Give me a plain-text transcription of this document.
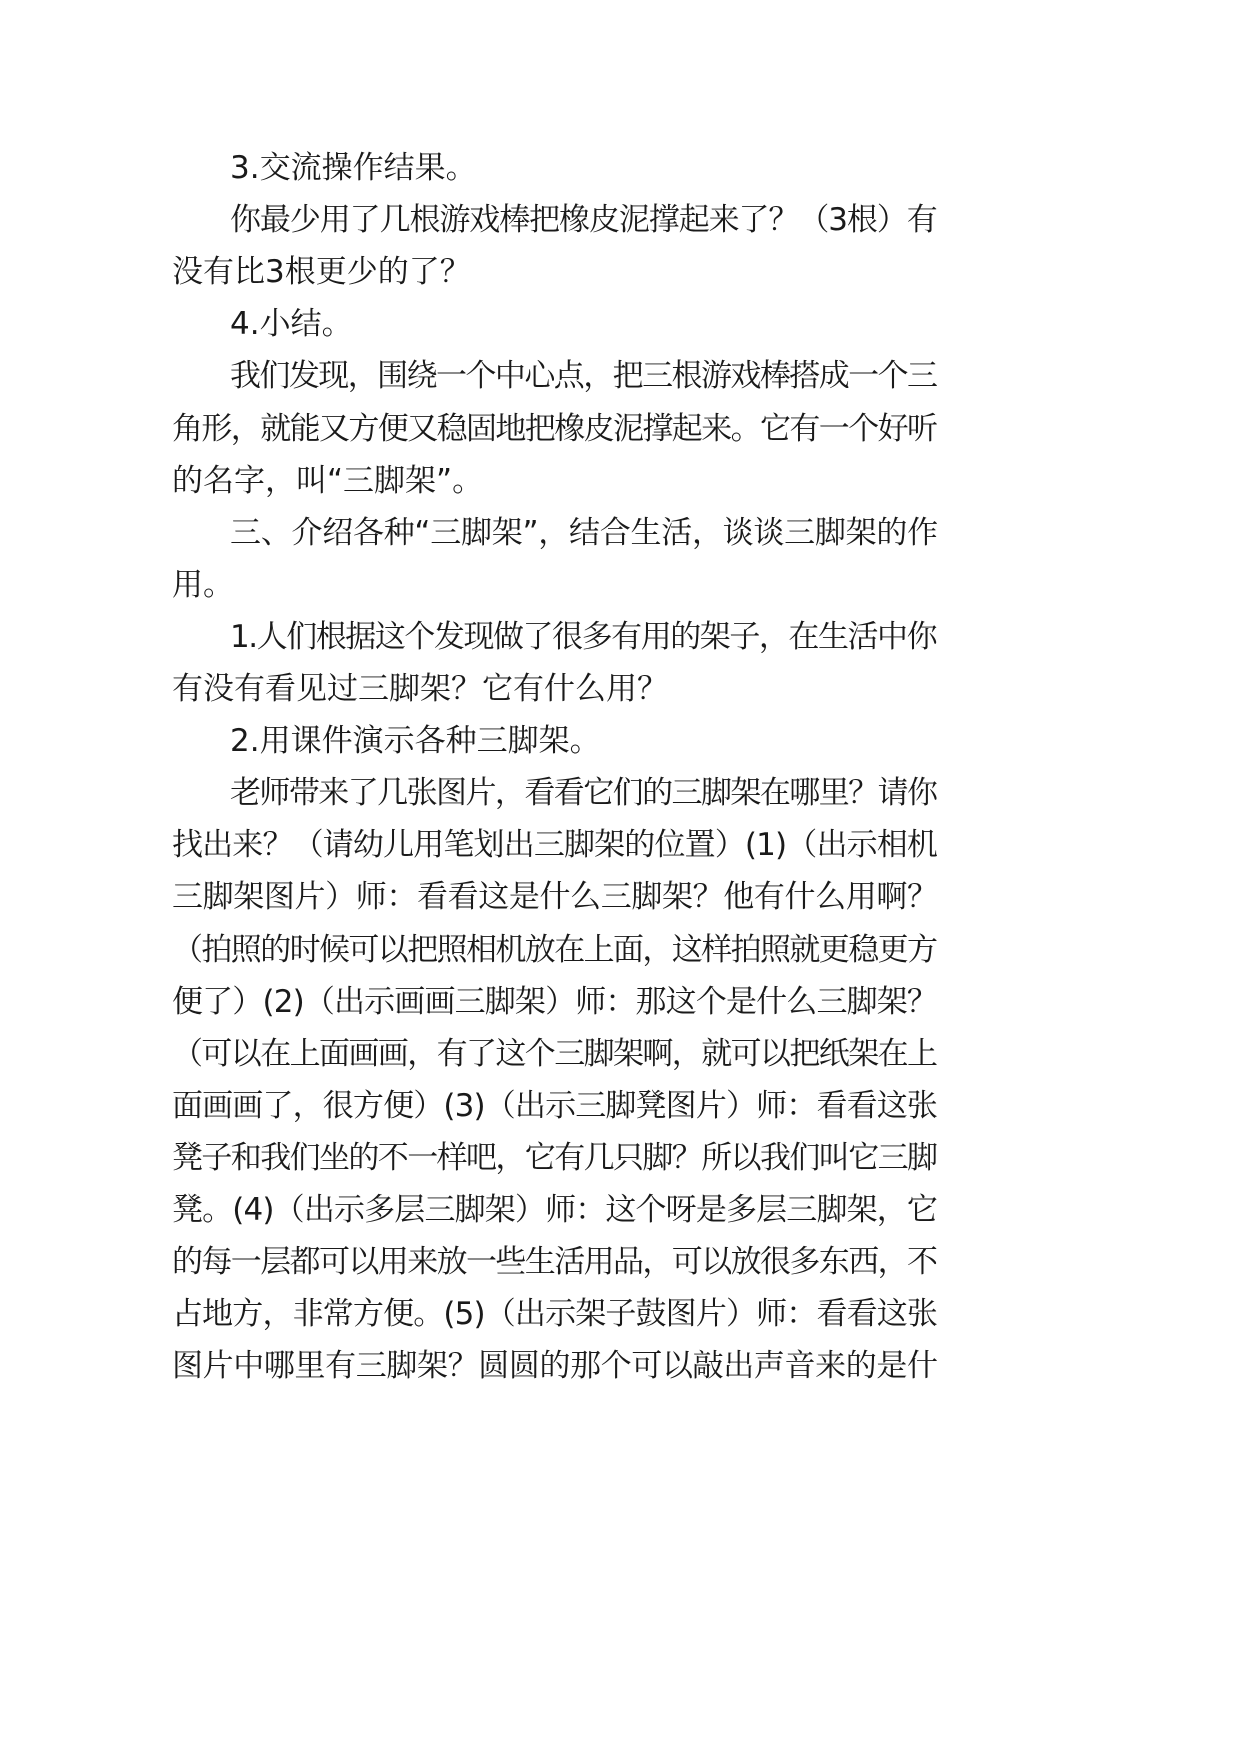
3.交流操作结果。
你最少用了几根游戏棒把橡皮泥撑起来了？（3根）有
没有比3根更少的了？
4.小结。
我们发现，围绕一个中心点，把三根游戏棒搭成一个三
角形，就能又方便又稳固地把橡皮泥撑起来。它有一个好听
的名字，叫“三脚架”。
三、介绍各种“三脚架”，结合生活，谈谈三脚架的作
用。
1.人们根据这个发现做了很多有用的架子，在生活中你
有没有看见过三脚架？它有什么用？
2.用课件演示各种三脚架。
老师带来了几张图片，看看它们的三脚架在哪里？请你
找出来？（请幼儿用笔划出三脚架的位置）(1)（出示相机
三脚架图片）师：看看这是什么三脚架？他有什么用啊？
（拍照的时候可以把照相机放在上面，这样拍照就更稳更方
便了）(2)（出示画画三脚架）师：那这个是什么三脚架？
（可以在上面画画，有了这个三脚架啊，就可以把纸架在上
面画画了，很方便）(3)（出示三脚凳图片）师：看看这张
凳子和我们坐的不一样吧，它有几只脚？所以我们叫它三脚
凳。(4)（出示多层三脚架）师：这个呀是多层三脚架，它
的每一层都可以用来放一些生活用品，可以放很多东西，不
占地方，非常方便。(5)（出示架子鼓图片）师：看看这张
图片中哪里有三脚架？圆圆的那个可以敲出声音来的是什
